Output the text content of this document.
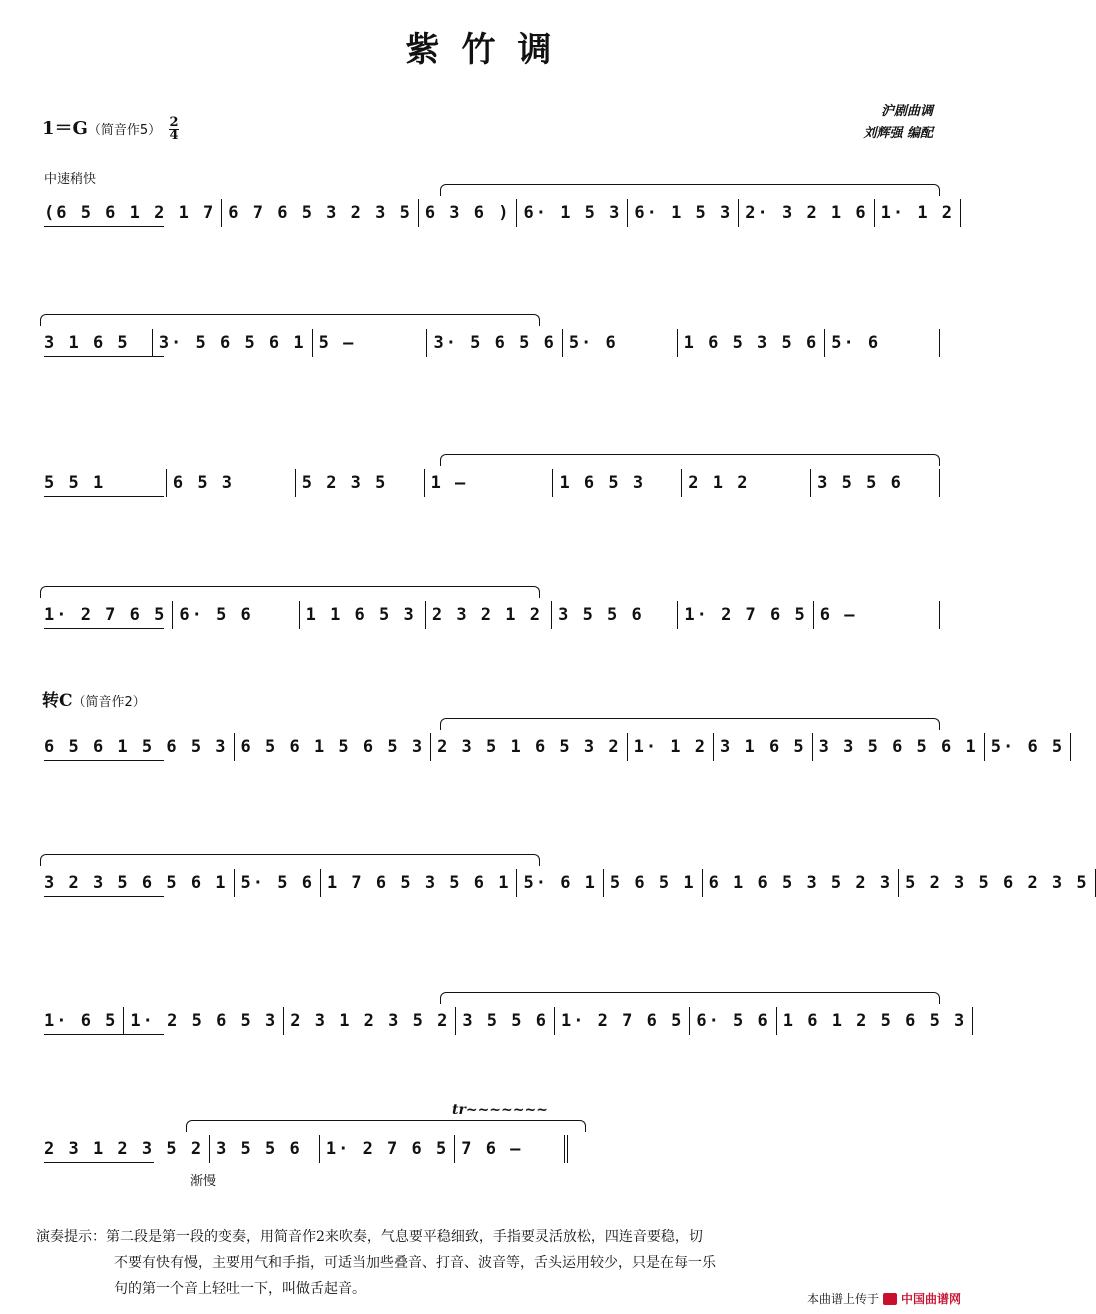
紫竹调
1＝G（简音作$5) \frac{2}{4}$
沪剧曲调
刘辉强 编配
中速稍快
(6 5 6 1 2 1 7 6 7 6 5 3 2 3 5 6 3 6 ) 6· 1 5 3 6· 1 5 3 2· 3 2 1 6 1· 1 2
3 1 6 5 3· 5 6 5 6 1 5 –	3· 5 6 5 6 5· 6	1 6 5 3 5 6 5· 6
5 5 1	6 5 3	5 2 3 5	1 –	1 6 5 3	2 1 2	3 5 5 6
1· 2 7 6 5 6· 5 6	1 1 6 5 3 2 3 2 1 2 3 5 5 6 1· 2 7 6 5 6 –
6 5 6 1 5 6 5 3 6 5 6 1 5 6 5 3 2 3 5 1 6 5 3 2 1· 1 2 3 1 6 5 3 3 5 6 5 6 1 5· 6 5
3 2 3 5 6 5 6 1 5· 5 6 1 7 6 5 3 5 6 1 5· 6 1 5 6 5 1 6 1 6 5 3 5 2 3 5 2 3 5 6 2 3 5
1· 6 5 1· 2 5 6 5 3 2 3 1 2 3 5 2 3 5 5 6 1· 2 7 6 5 6· 5 6 1 6 1 2 5 6 5 3
2 3 1 2 3 5 2 3 5 5 6 1· 2 7 6 5 7 6 –
转C（简音作2）
渐慢
tr~~~~~~~
演奏提示：第二段是第一段的变奏，用简音作2来吹奏，气息要平稳细致，手指要灵活放松，四连音要稳，切
不要有快有慢，主要用气和手指，可适当加些叠音、打音、波音等，舌头运用较少，只是在每一乐
句的第一个音上轻吐一下，叫做舌起音。
本曲谱上传于 中国曲谱网
